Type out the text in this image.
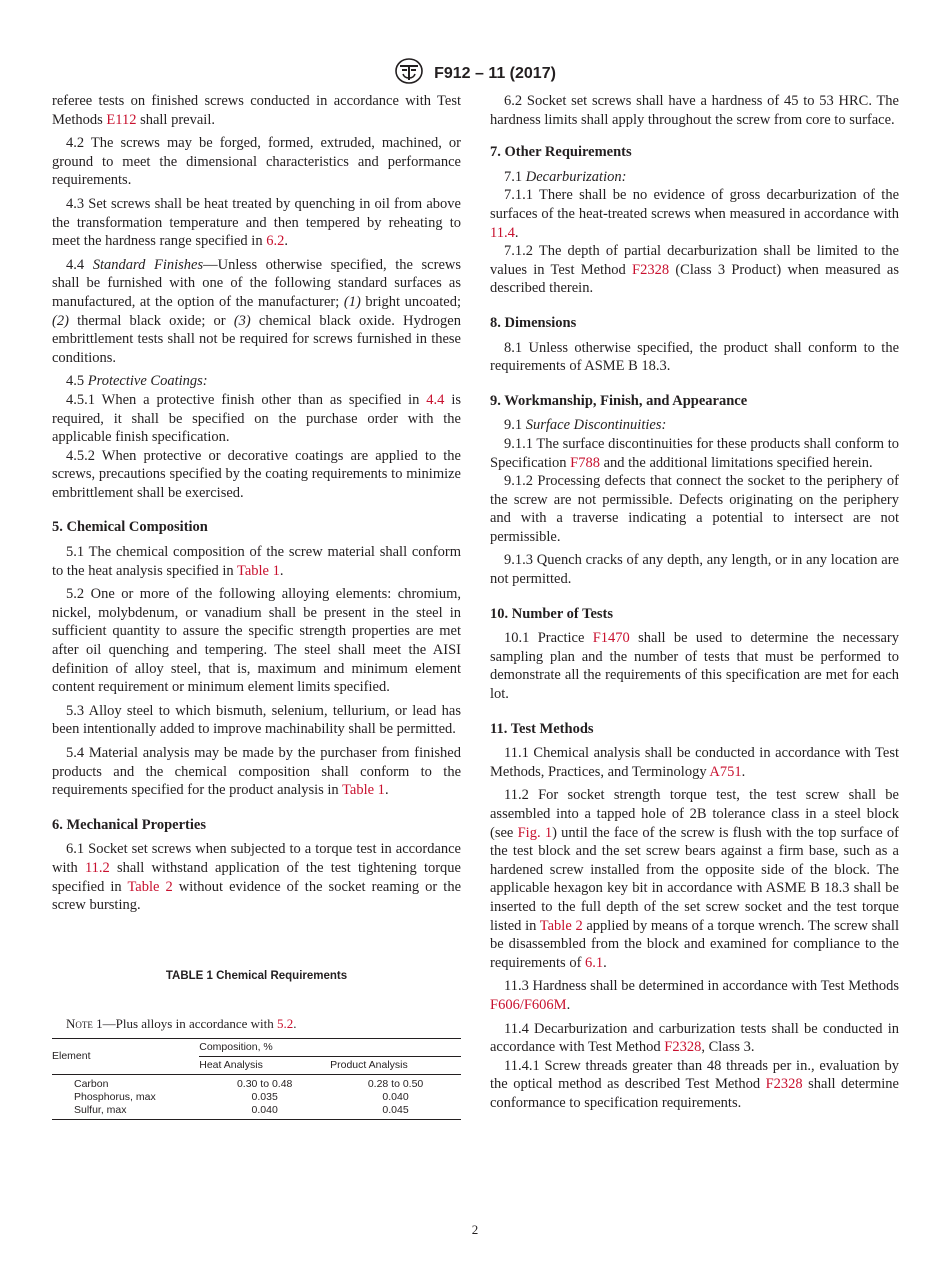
F912 – 11 (2017)

referee tests on finished screws conducted in accordance with Test Methods E112 shall prevail.

4.2 The screws may be forged, formed, extruded, machined, or ground to meet the dimensional characteristics and performance requirements.

4.3 Set screws shall be heat treated by quenching in oil from above the transformation temperature and then tempered by reheating to meet the hardness range specified in 6.2.

4.4 Standard Finishes—Unless otherwise specified, the screws shall be furnished with one of the following standard surfaces as manufactured, at the option of the manufacturer; (1) bright uncoated; (2) thermal black oxide; or (3) chemical black oxide. Hydrogen embrittlement tests shall not be required for screws furnished in these conditions.

4.5 Protective Coatings:

4.5.1 When a protective finish other than as specified in 4.4 is required, it shall be specified on the purchase order with the applicable finish specification.

4.5.2 When protective or decorative coatings are applied to the screws, precautions specified by the coating requirements to minimize embrittlement shall be exercised.

5. Chemical Composition

5.1 The chemical composition of the screw material shall conform to the heat analysis specified in Table 1.

5.2 One or more of the following alloying elements: chromium, nickel, molybdenum, or vanadium shall be present in the steel in sufficient quantity to assure the specific strength properties are met after oil quenching and tempering. The steel shall meet the AISI definition of alloy steel, that is, maximum and minimum element content requirement or minimum element limits specified.

5.3 Alloy steel to which bismuth, selenium, tellurium, or lead has been intentionally added to improve machinability shall be permitted.

5.4 Material analysis may be made by the purchaser from finished products and the chemical composition shall conform to the requirements specified for the product analysis in Table 1.

6. Mechanical Properties

6.1 Socket set screws when subjected to a torque test in accordance with 11.2 shall withstand application of the test tightening torque specified in Table 2 without evidence of the socket reaming or the screw bursting.

TABLE 1 Chemical Requirements
Note 1—Plus alloys in accordance with 5.2.
Element	Composition, %	
	Heat Analysis	Product Analysis
Carbon	0.30 to 0.48	0.28 to 0.50
Phosphorus, max	0.035	0.040
Sulfur, max	0.040	0.045

6.2 Socket set screws shall have a hardness of 45 to 53 HRC. The hardness limits shall apply throughout the screw from core to surface.

7. Other Requirements

7.1 Decarburization:

7.1.1 There shall be no evidence of gross decarburization of the surfaces of the heat-treated screws when measured in accordance with 11.4.

7.1.2 The depth of partial decarburization shall be limited to the values in Test Method F2328 (Class 3 Product) when measured as described therein.

8. Dimensions

8.1 Unless otherwise specified, the product shall conform to the requirements of ASME B 18.3.

9. Workmanship, Finish, and Appearance

9.1 Surface Discontinuities:

9.1.1 The surface discontinuities for these products shall conform to Specification F788 and the additional limitations specified herein.

9.1.2 Processing defects that connect the socket to the periphery of the screw are not permissible. Defects originating on the periphery and with a traverse indicating a potential to intersect are not permissible.

9.1.3 Quench cracks of any depth, any length, or in any location are not permitted.

10. Number of Tests

10.1 Practice F1470 shall be used to determine the necessary sampling plan and the number of tests that must be performed to demonstrate all the requirements of this specification are met for each lot.

11. Test Methods

11.1 Chemical analysis shall be conducted in accordance with Test Methods, Practices, and Terminology A751.

11.2 For socket strength torque test, the test screw shall be assembled into a tapped hole of 2B tolerance class in a steel block (see Fig. 1) until the face of the screw is flush with the top surface of the test block and the set screw bears against a firm base, such as a hardened screw installed from the opposite side of the block. The applicable hexagon key bit in accordance with ASME B 18.3 shall be inserted to the full depth of the set screw socket and the test torque listed in Table 2 applied by means of a torque wrench. The screw shall be disassembled from the block and examined for compliance to the requirements of 6.1.

11.3 Hardness shall be determined in accordance with Test Methods F606/F606M.

11.4 Decarburization and carburization tests shall be conducted in accordance with Test Method F2328, Class 3.

11.4.1 Screw threads greater than 48 threads per in., evaluation by the optical method as described Test Method F2328 shall determine conformance to specification requirements.

2
